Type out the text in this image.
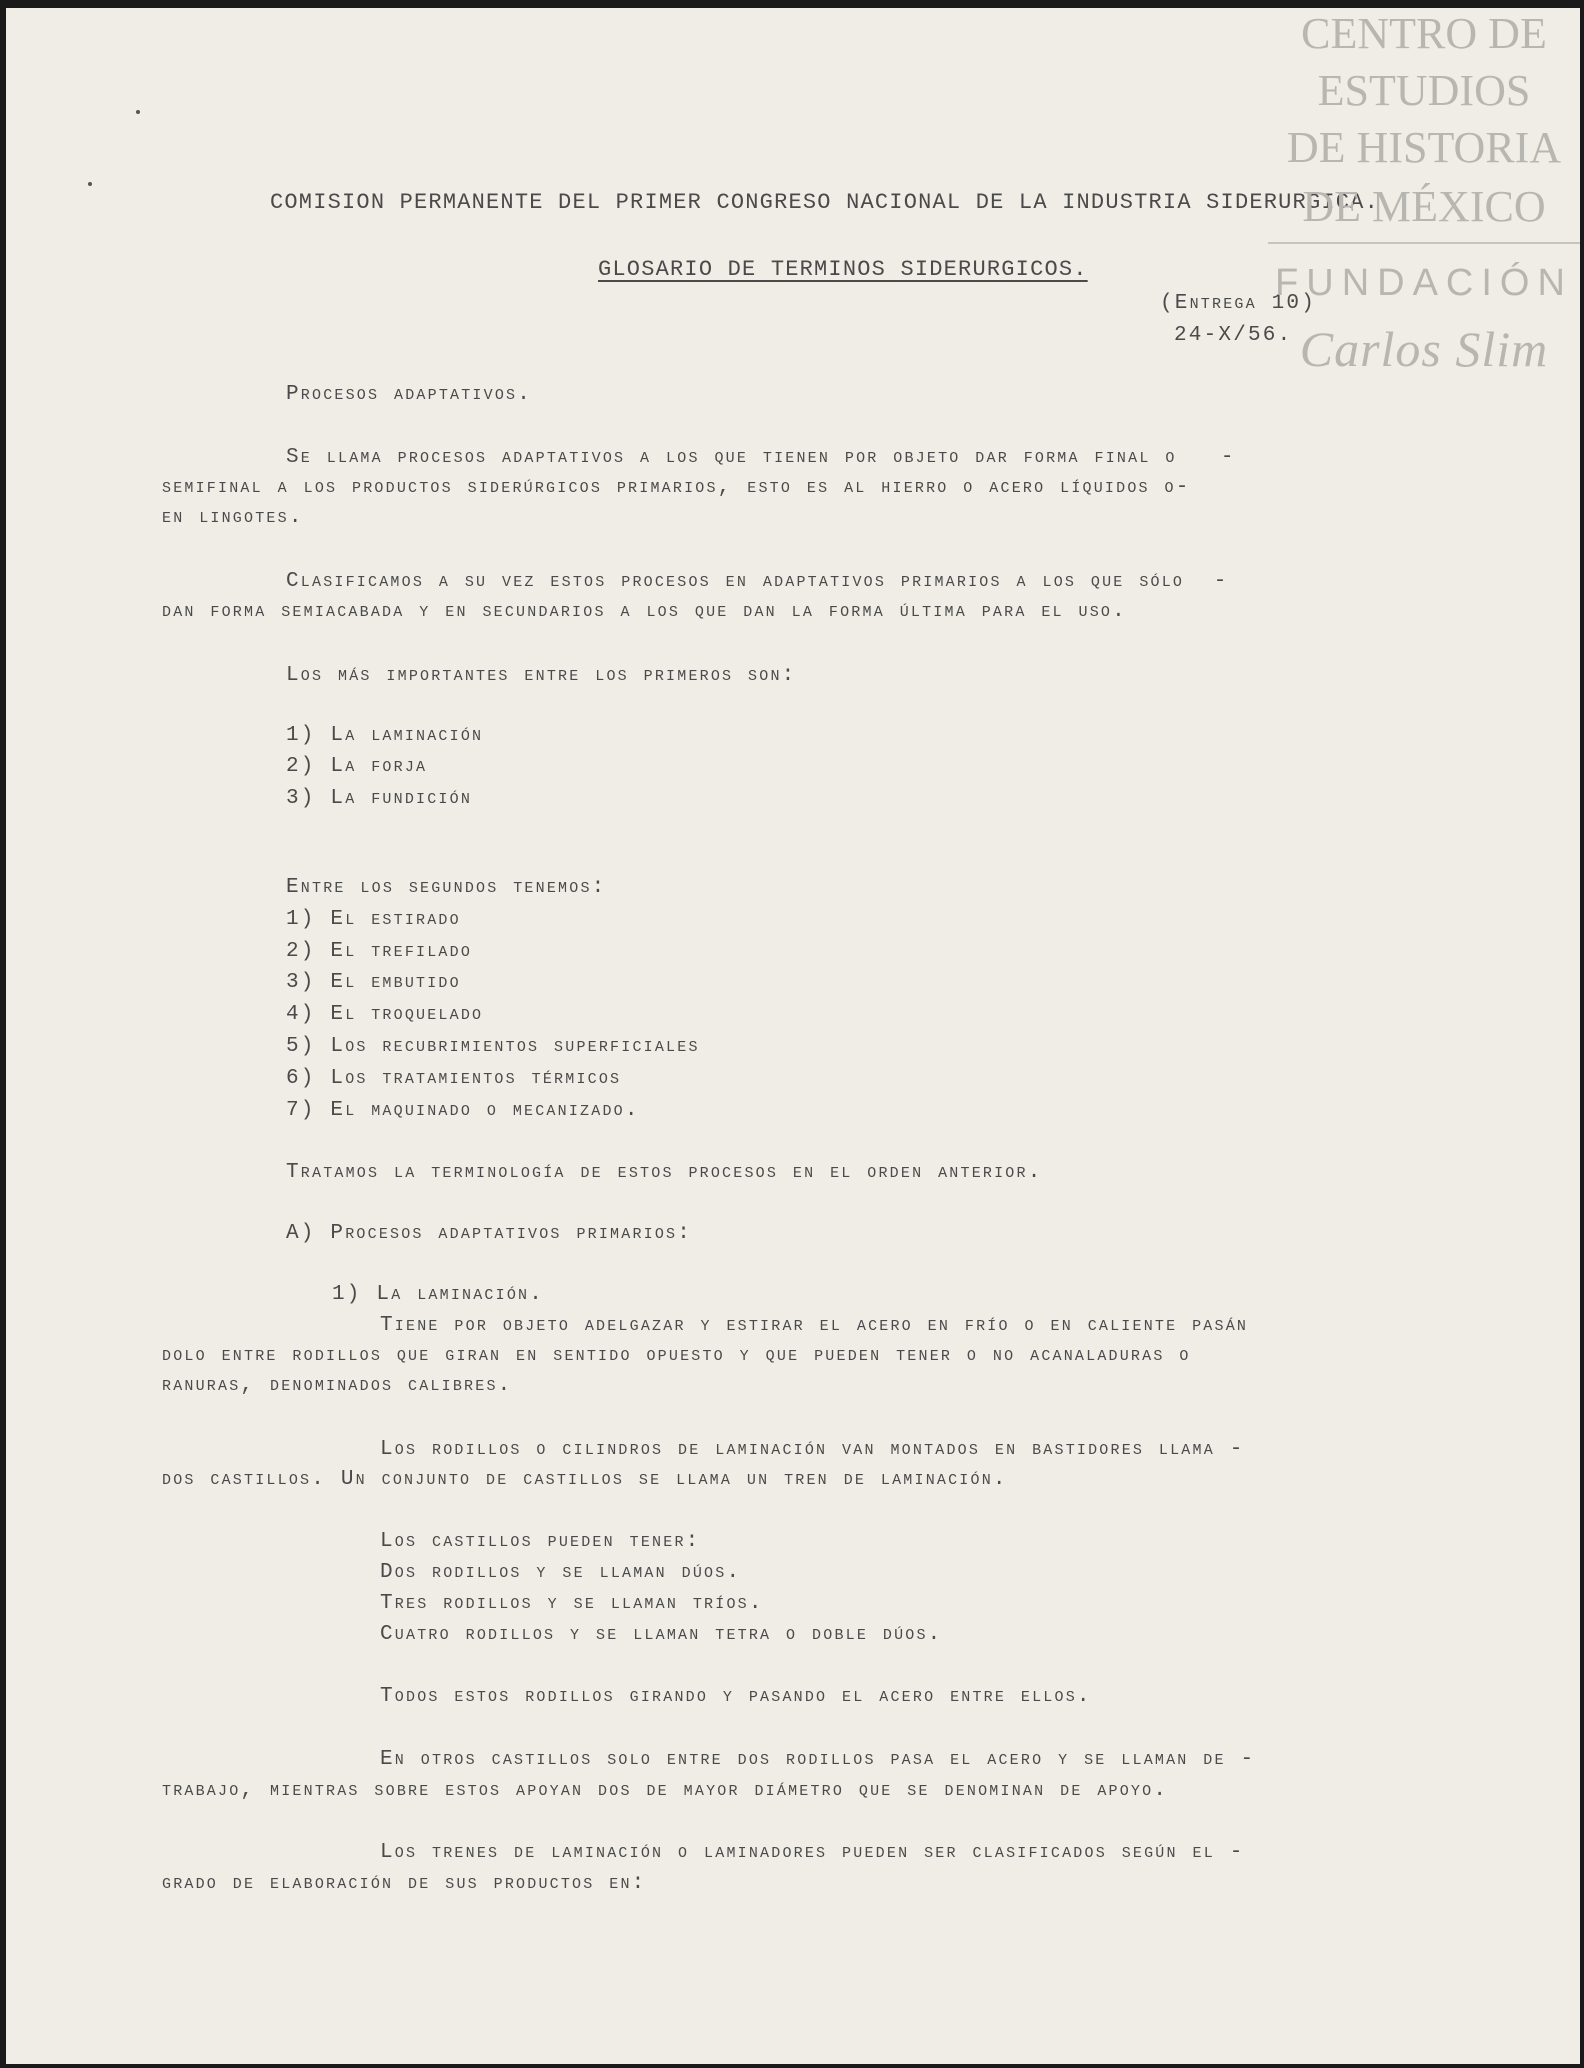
COMISION PERMANENTE DEL PRIMER CONGRESO NACIONAL DE LA INDUSTRIA SIDERURGICA.
GLOSARIO DE TERMINOS SIDERURGICOS.
(Entrega 10)
24-X/56.
Procesos adaptativos.
Se llama procesos adaptativos a los que tienen por objeto dar forma final o   -
semifinal a los productos siderúrgicos primarios, esto es al hierro o acero líquidos o-
en lingotes.
Clasificamos a su vez estos procesos en adaptativos primarios a los que sólo  -
dan forma semiacabada y en secundarios a los que dan la forma última para el uso.
Los más importantes entre los primeros son:
1) La laminación
2) La forja
3) La fundición
Entre los segundos tenemos:
1) El estirado
2) El trefilado
3) El embutido
4) El troquelado
5) Los recubrimientos superficiales
6) Los tratamientos térmicos
7) El maquinado o mecanizado.
Tratamos la terminología de estos procesos en el orden anterior.
A) Procesos adaptativos primarios:
1) La laminación.
Tiene por objeto adelgazar y estirar el acero en frío o en caliente pasán
dolo entre rodillos que giran en sentido opuesto y que pueden tener o no acanaladuras o
ranuras, denominados calibres.
Los rodillos o cilindros de laminación van montados en bastidores llama -
dos castillos. Un conjunto de castillos se llama un tren de laminación.
Los castillos pueden tener:
Dos rodillos y se llaman dúos.
Tres rodillos y se llaman tríos.
Cuatro rodillos y se llaman tetra o doble dúos.
Todos estos rodillos girando y pasando el acero entre ellos.
En otros castillos solo entre dos rodillos pasa el acero y se llaman de -
trabajo, mientras sobre estos apoyan dos de mayor diámetro que se denominan de apoyo.
Los trenes de laminación o laminadores pueden ser clasificados según el -
grado de elaboración de sus productos en:
CENTRO DE
ESTUDIOS
DE HISTORIA
DE MÉXICO
FUNDACIÓN
Carlos Slim
